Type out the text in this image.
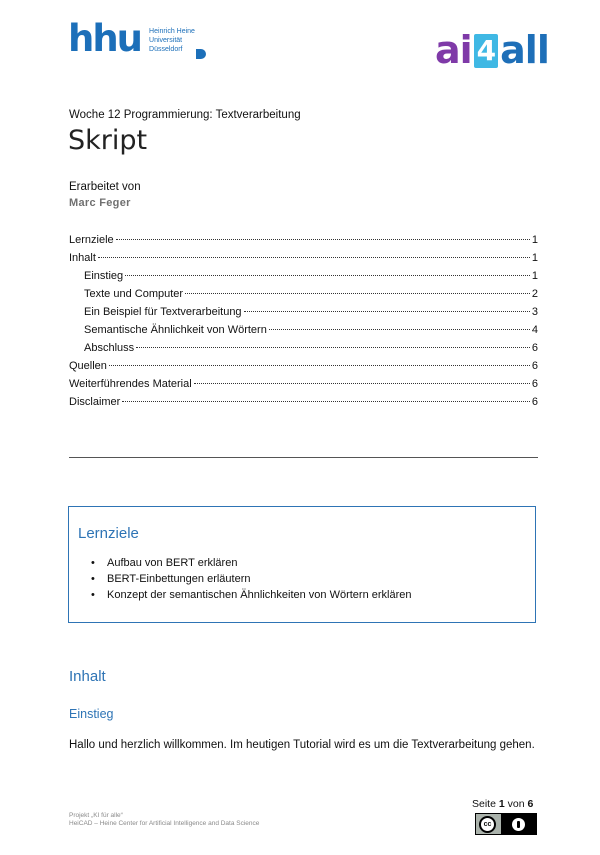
hhu Heinrich Heine
Universität
Düsseldorf	ai 4 all
Woche 12 Programmierung: Textverarbeitung
Skript
Erarbeitet von
Marc Feger
Lernziele	1
Inhalt	1
Einstieg	1
Texte und Computer	2
Ein Beispiel für Textverarbeitung	3
Semantische Ähnlichkeit von Wörtern	4
Abschluss	6
Quellen	6
Weiterführendes Material	6
Disclaimer	6
Lernziele
• Aufbau von BERT erklären
• BERT-Einbettungen erläutern
• Konzept der semantischen Ähnlichkeiten von Wörtern erklären
Inhalt
Einstieg

Hallo und herzlich willkommen. Im heutigen Tutorial wird es um die Textverarbeitung gehen.

Projekt „KI für alle“
HeiCAD – Heine Center for Artificial Intelligence and Data Science
Seite 1 von 6
cc
